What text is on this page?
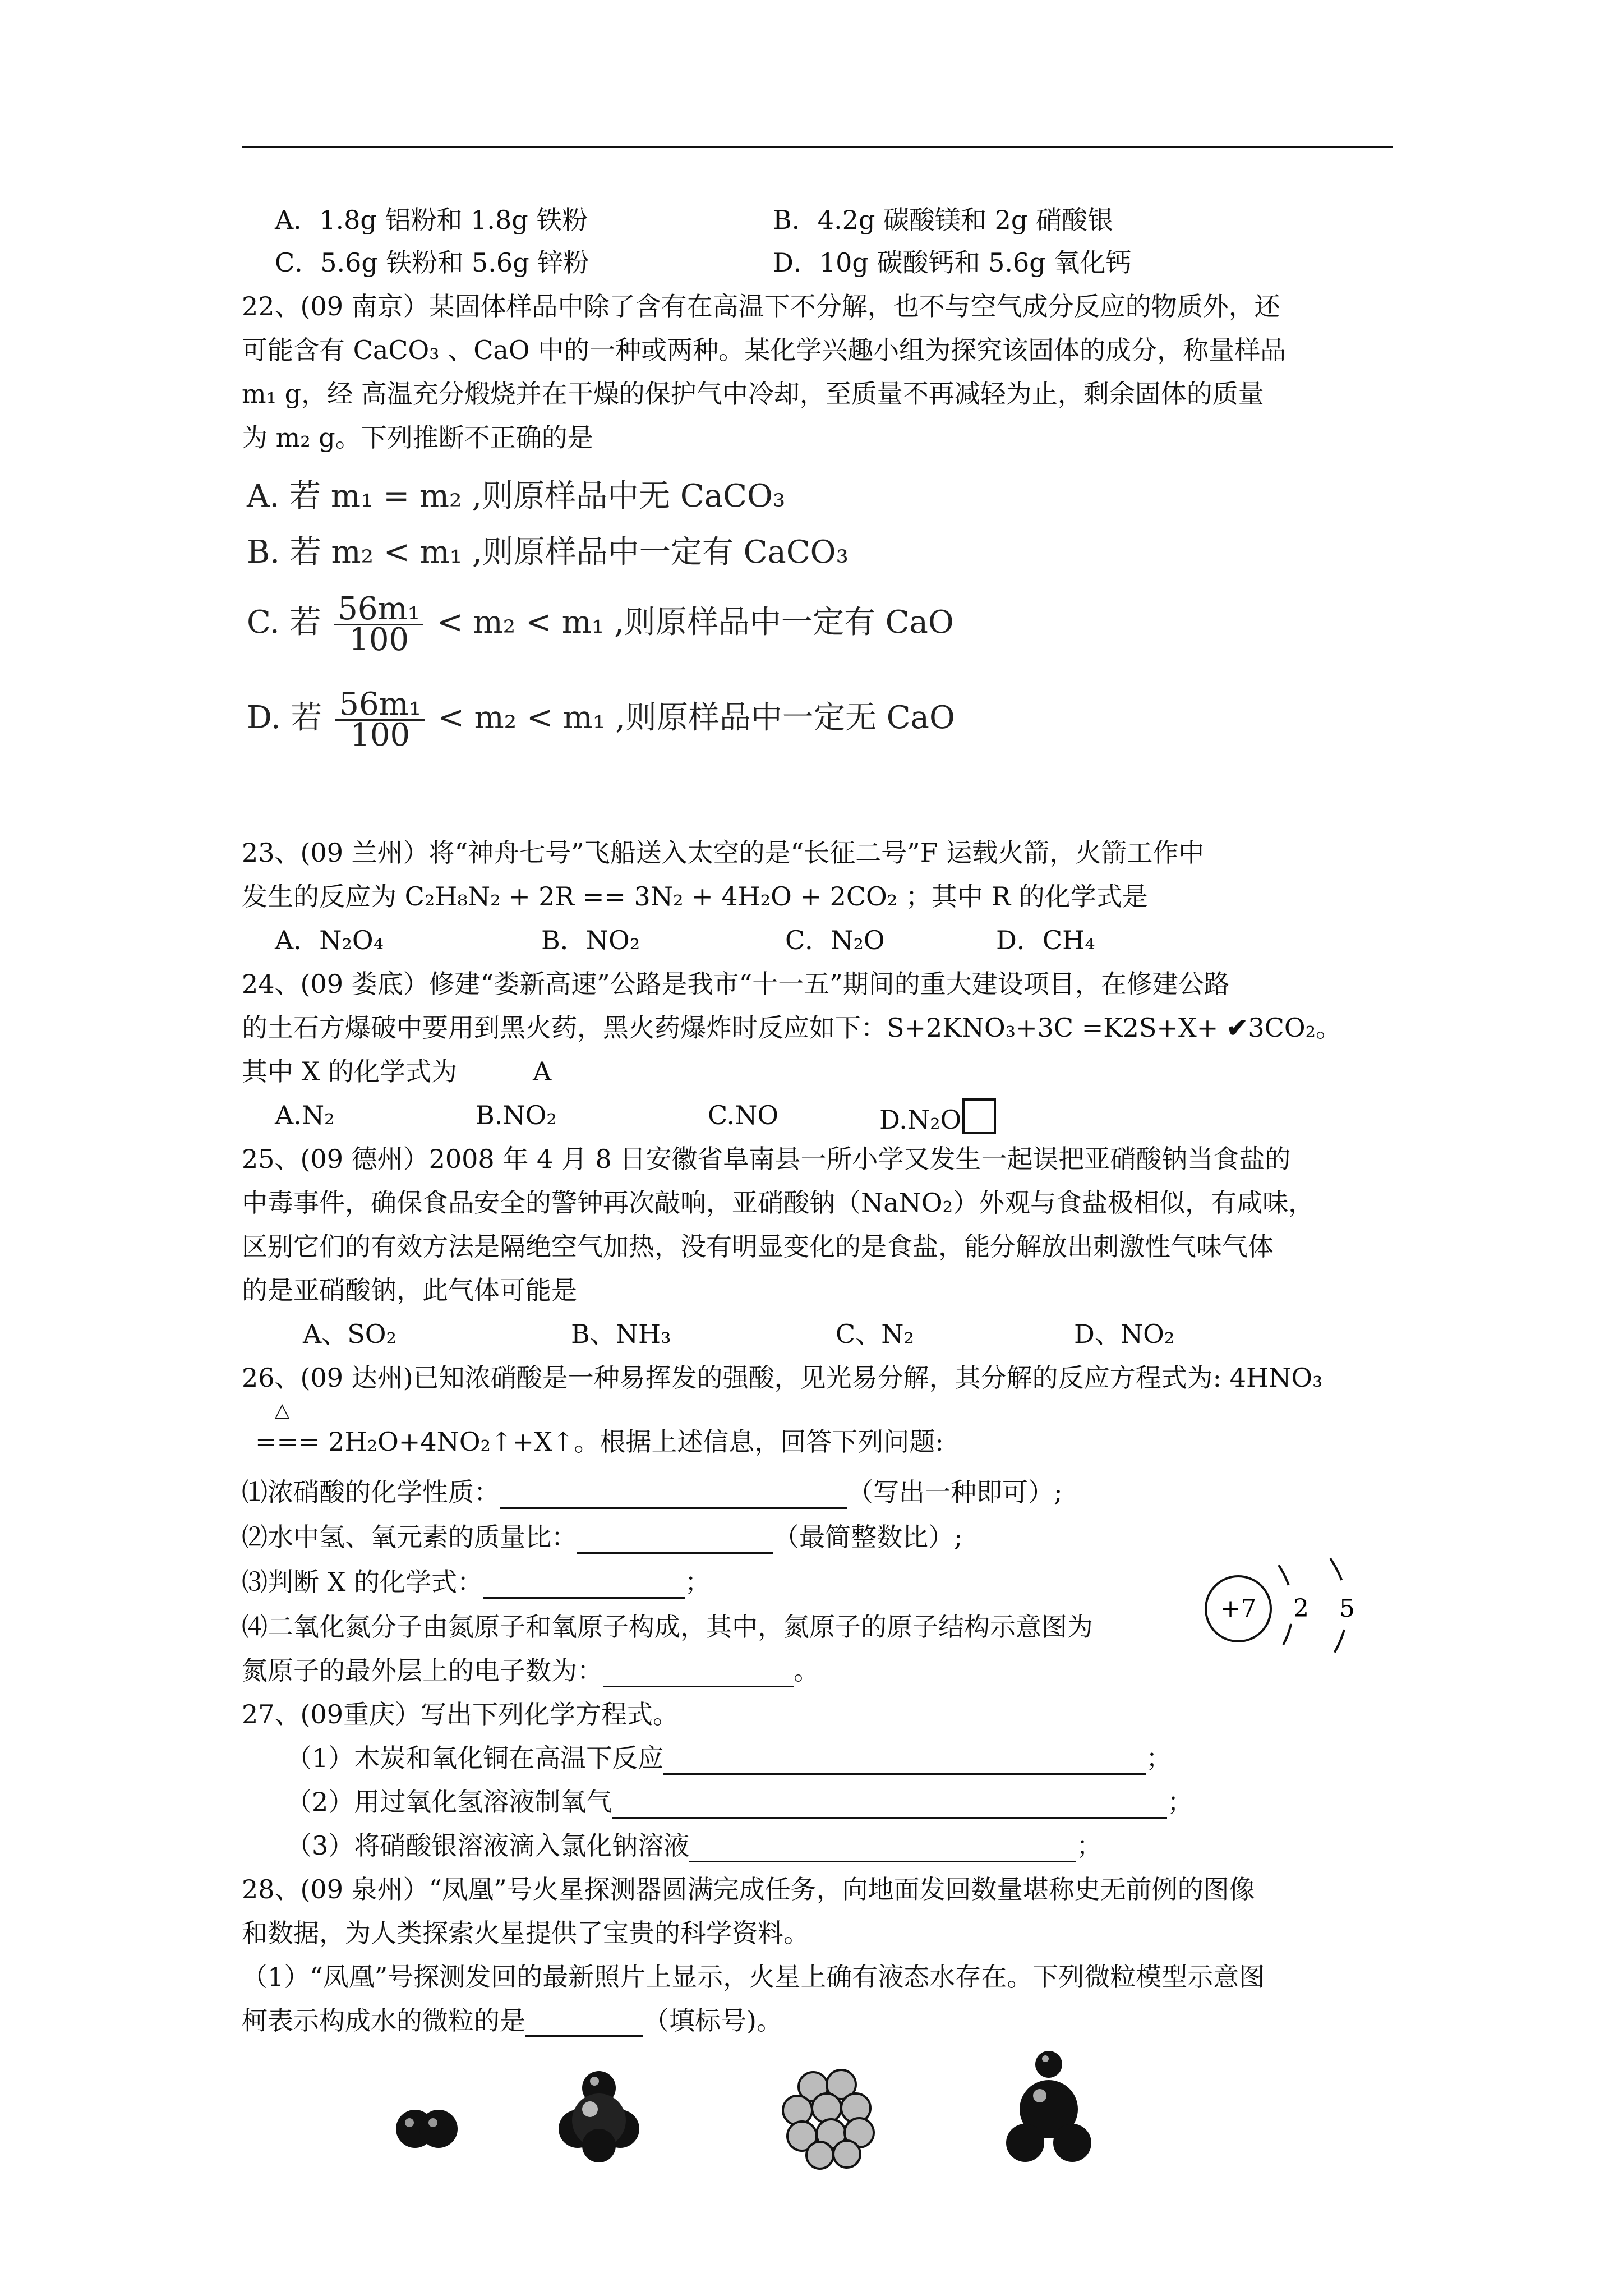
A．1.8g 铝粉和 1.8g 铁粉	B．4.2g 碳酸镁和 2g 硝酸银
C．5.6g 铁粉和 5.6g 锌粉	D．10g 碳酸钙和 5.6g 氧化钙
22、(09 南京）某固体样品中除了含有在高温下不分解，也不与空气成分反应的物质外，还
可能含有 CaCO₃ 、CaO 中的一种或两种。某化学兴趣小组为探究该固体的成分，称量样品
m₁ g，经 高温充分煅烧并在干燥的保护气中冷却，至质量不再减轻为止，剩余固体的质量
为 m₂ g。下列推断不正确的是
A. 若 m₁ = m₂ ,则原样品中无 CaCO₃
B. 若 m₂ < m₁ ,则原样品中一定有 CaCO₃
C. 若 $\frac{\text{56m₁}}{100} < m_2 < m_1$ ,则原样品中一定有 CaO
D. 若 $\frac{\text{56m₁}}{100} < m_2 < m_1$ ,则原样品中一定无 CaO
23、(09 兰州）将“神舟七号”飞船送入太空的是“长征二号”F 运载火箭，火箭工作中
发生的反应为 C₂H₈N₂ + 2R == 3N₂ + 4H₂O + 2CO₂ ；其中 R 的化学式是
A．N₂O₄	B．NO₂	C．N₂O	D．CH₄
24、(09 娄底）修建“娄新高速”公路是我市“十一五”期间的重大建设项目，在修建公路
的土石方爆破中要用到黑火药，黑火药爆炸时反应如下：S+2KNO₃+3C =K2S+X+ ✔3CO₂。
其中 X 的化学式为	A
A.N₂	B.NO₂	C.NO	D.N₂O
25、(09 德州）2008 年 4 月 8 日安徽省阜南县一所小学又发生一起误把亚硝酸钠当食盐的
中毒事件，确保食品安全的警钟再次敲响，亚硝酸钠（NaNO₂）外观与食盐极相似，有咸味，
区别它们的有效方法是隔绝空气加热，没有明显变化的是食盐，能分解放出刺激性气味气体
的是亚硝酸钠，此气体可能是
A、SO₂	B、NH₃	C、N₂	D、NO₂
26、(09 达州)已知浓硝酸是一种易挥发的强酸，见光易分解，其分解的反应方程式为: 4HNO₃
△
=== 2H₂O+4NO₂↑+X↑。根据上述信息，回答下列问题:
⑴浓硝酸的化学性质：	（写出一种即可）;
⑵水中氢、氧元素的质量比：	（最简整数比）;
⑶判断 X 的化学式：	；
⑷二氧化氮分子由氮原子和氧原子构成，其中，氮原子的原子结构示意图为
氮原子的最外层上的电子数为：	。
+7 2 5
27、(09重庆）写出下列化学方程式。
（1）木炭和氧化铜在高温下反应	；
（2）用过氧化氢溶液制氧气	；
（3）将硝酸银溶液滴入氯化钠溶液	；
28、(09 泉州）“凤凰”号火星探测器圆满完成任务，向地面发回数量堪称史无前例的图像
和数据，为人类探索火星提供了宝贵的科学资料。
（1）“凤凰”号探测发回的最新照片上显示，火星上确有液态水存在。下列微粒模型示意图
柯表示构成水的微粒的是	（填标号)。
